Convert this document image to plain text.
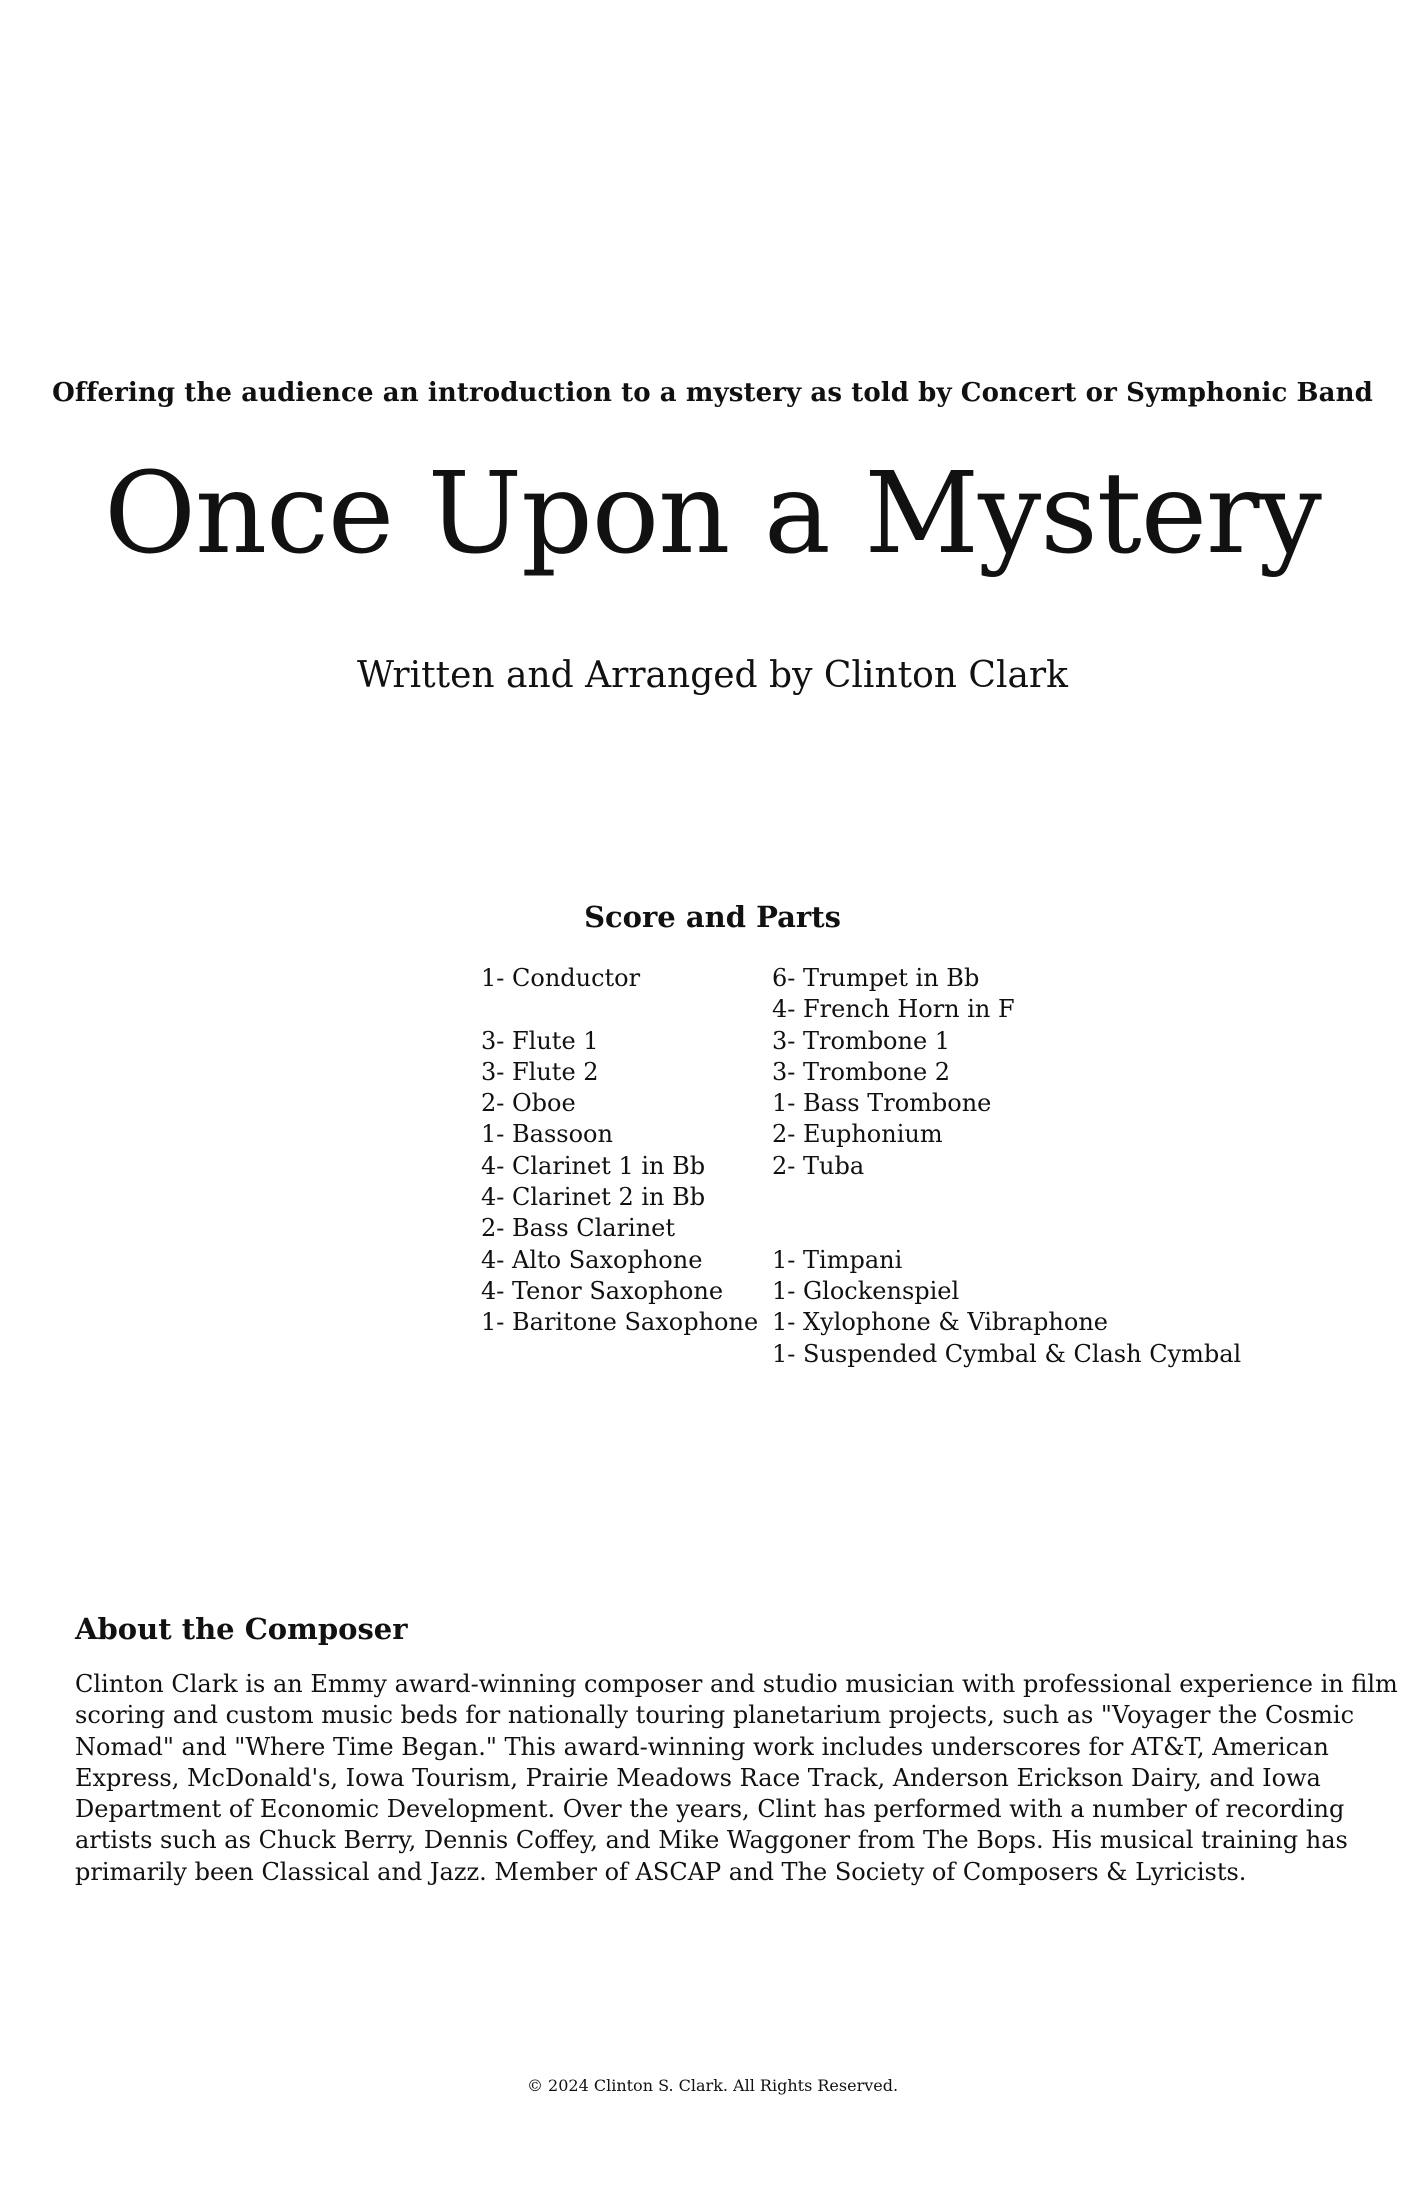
Offering the audience an introduction to a mystery as told by Concert or Symphonic Band
Once Upon a Mystery
Written and Arranged by Clinton Clark
Score and Parts
1- Conductor
3- Flute 1
3- Flute 2
2- Oboe
1- Bassoon
4- Clarinet 1 in Bb
4- Clarinet 2 in Bb
2- Bass Clarinet
4- Alto Saxophone
4- Tenor Saxophone
1- Baritone Saxophone
6- Trumpet in Bb
4- French Horn in F
3- Trombone 1
3- Trombone 2
1- Bass Trombone
2- Euphonium
2- Tuba
1- Timpani
1- Glockenspiel
1- Xylophone & Vibraphone
1- Suspended Cymbal & Clash Cymbal
About the Composer
Clinton Clark is an Emmy award-winning composer and studio musician with professional experience in film
scoring and custom music beds for nationally touring planetarium projects, such as "Voyager the Cosmic
Nomad" and "Where Time Began." This award-winning work includes underscores for AT&T, American
Express, McDonald's, Iowa Tourism, Prairie Meadows Race Track, Anderson Erickson Dairy, and Iowa
Department of Economic Development. Over the years, Clint has performed with a number of recording
artists such as Chuck Berry, Dennis Coffey, and Mike Waggoner from The Bops. His musical training has
primarily been Classical and Jazz. Member of ASCAP and The Society of Composers & Lyricists.
© 2024 Clinton S. Clark. All Rights Reserved.
